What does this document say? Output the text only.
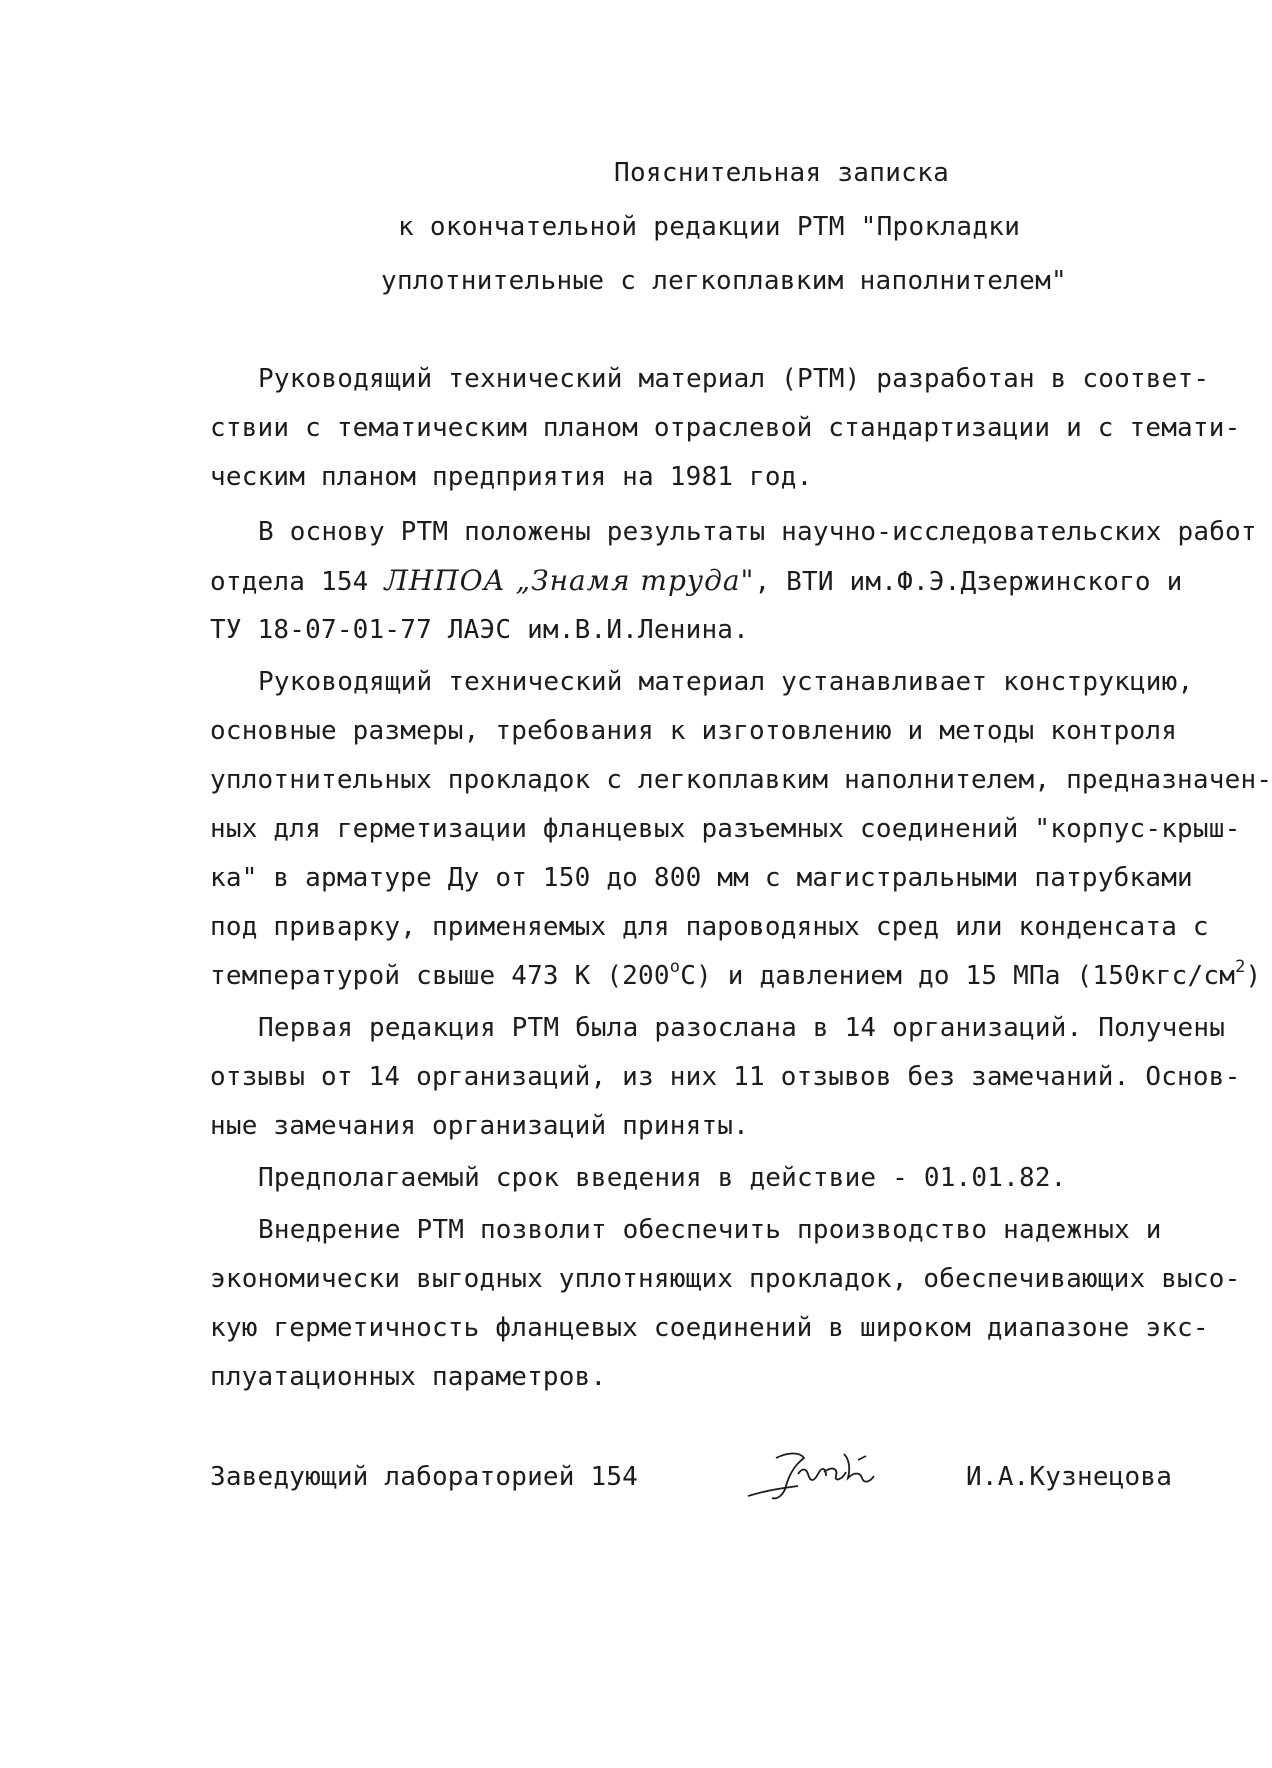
Пояснительная записка
к окончательной редакции РТМ "Прокладки
уплотнительные с легкоплавким наполнителем"
Руководящий технический материал (РТМ) разработан в соответ-
ствии с тематическим планом отраслевой стандартизации и с темати-
ческим планом предприятия на 1981 год.
В основу РТМ положены результаты научно-исследовательских работ
отдела 154 ЛНПОА „Знамя труда", ВТИ им.Ф.Э.Дзержинского и
ТУ 18-07-01-77 ЛАЭС им.В.И.Ленина.
Руководящий технический материал устанавливает конструкцию,
основные размеры, требования к изготовлению и методы контроля
уплотнительных прокладок с легкоплавким наполнителем, предназначен-
ных для герметизации фланцевых разъемных соединений "корпус-крыш-
ка" в арматуре Ду от 150 до 800 мм с магистральными патрубками
под приварку, применяемых для пароводяных сред или конденсата с
температурой свыше 473 К $(200^оС)$ и давлением до 15 МПа $(150кгс/см^2)$
Первая редакция РТМ была разослана в 14 организаций. Получены
отзывы от 14 организаций, из них 11 отзывов без замечаний. Основ-
ные замечания организаций приняты.
Предполагаемый срок введения в действие - 01.01.82.
Внедрение РТМ позволит обеспечить производство надежных и
экономически выгодных уплотняющих прокладок, обеспечивающих высо-
кую герметичность фланцевых соединений в широком диапазоне экс-
плуатационных параметров.
Заведующий лабораторией 154	И.А.Кузнецова
